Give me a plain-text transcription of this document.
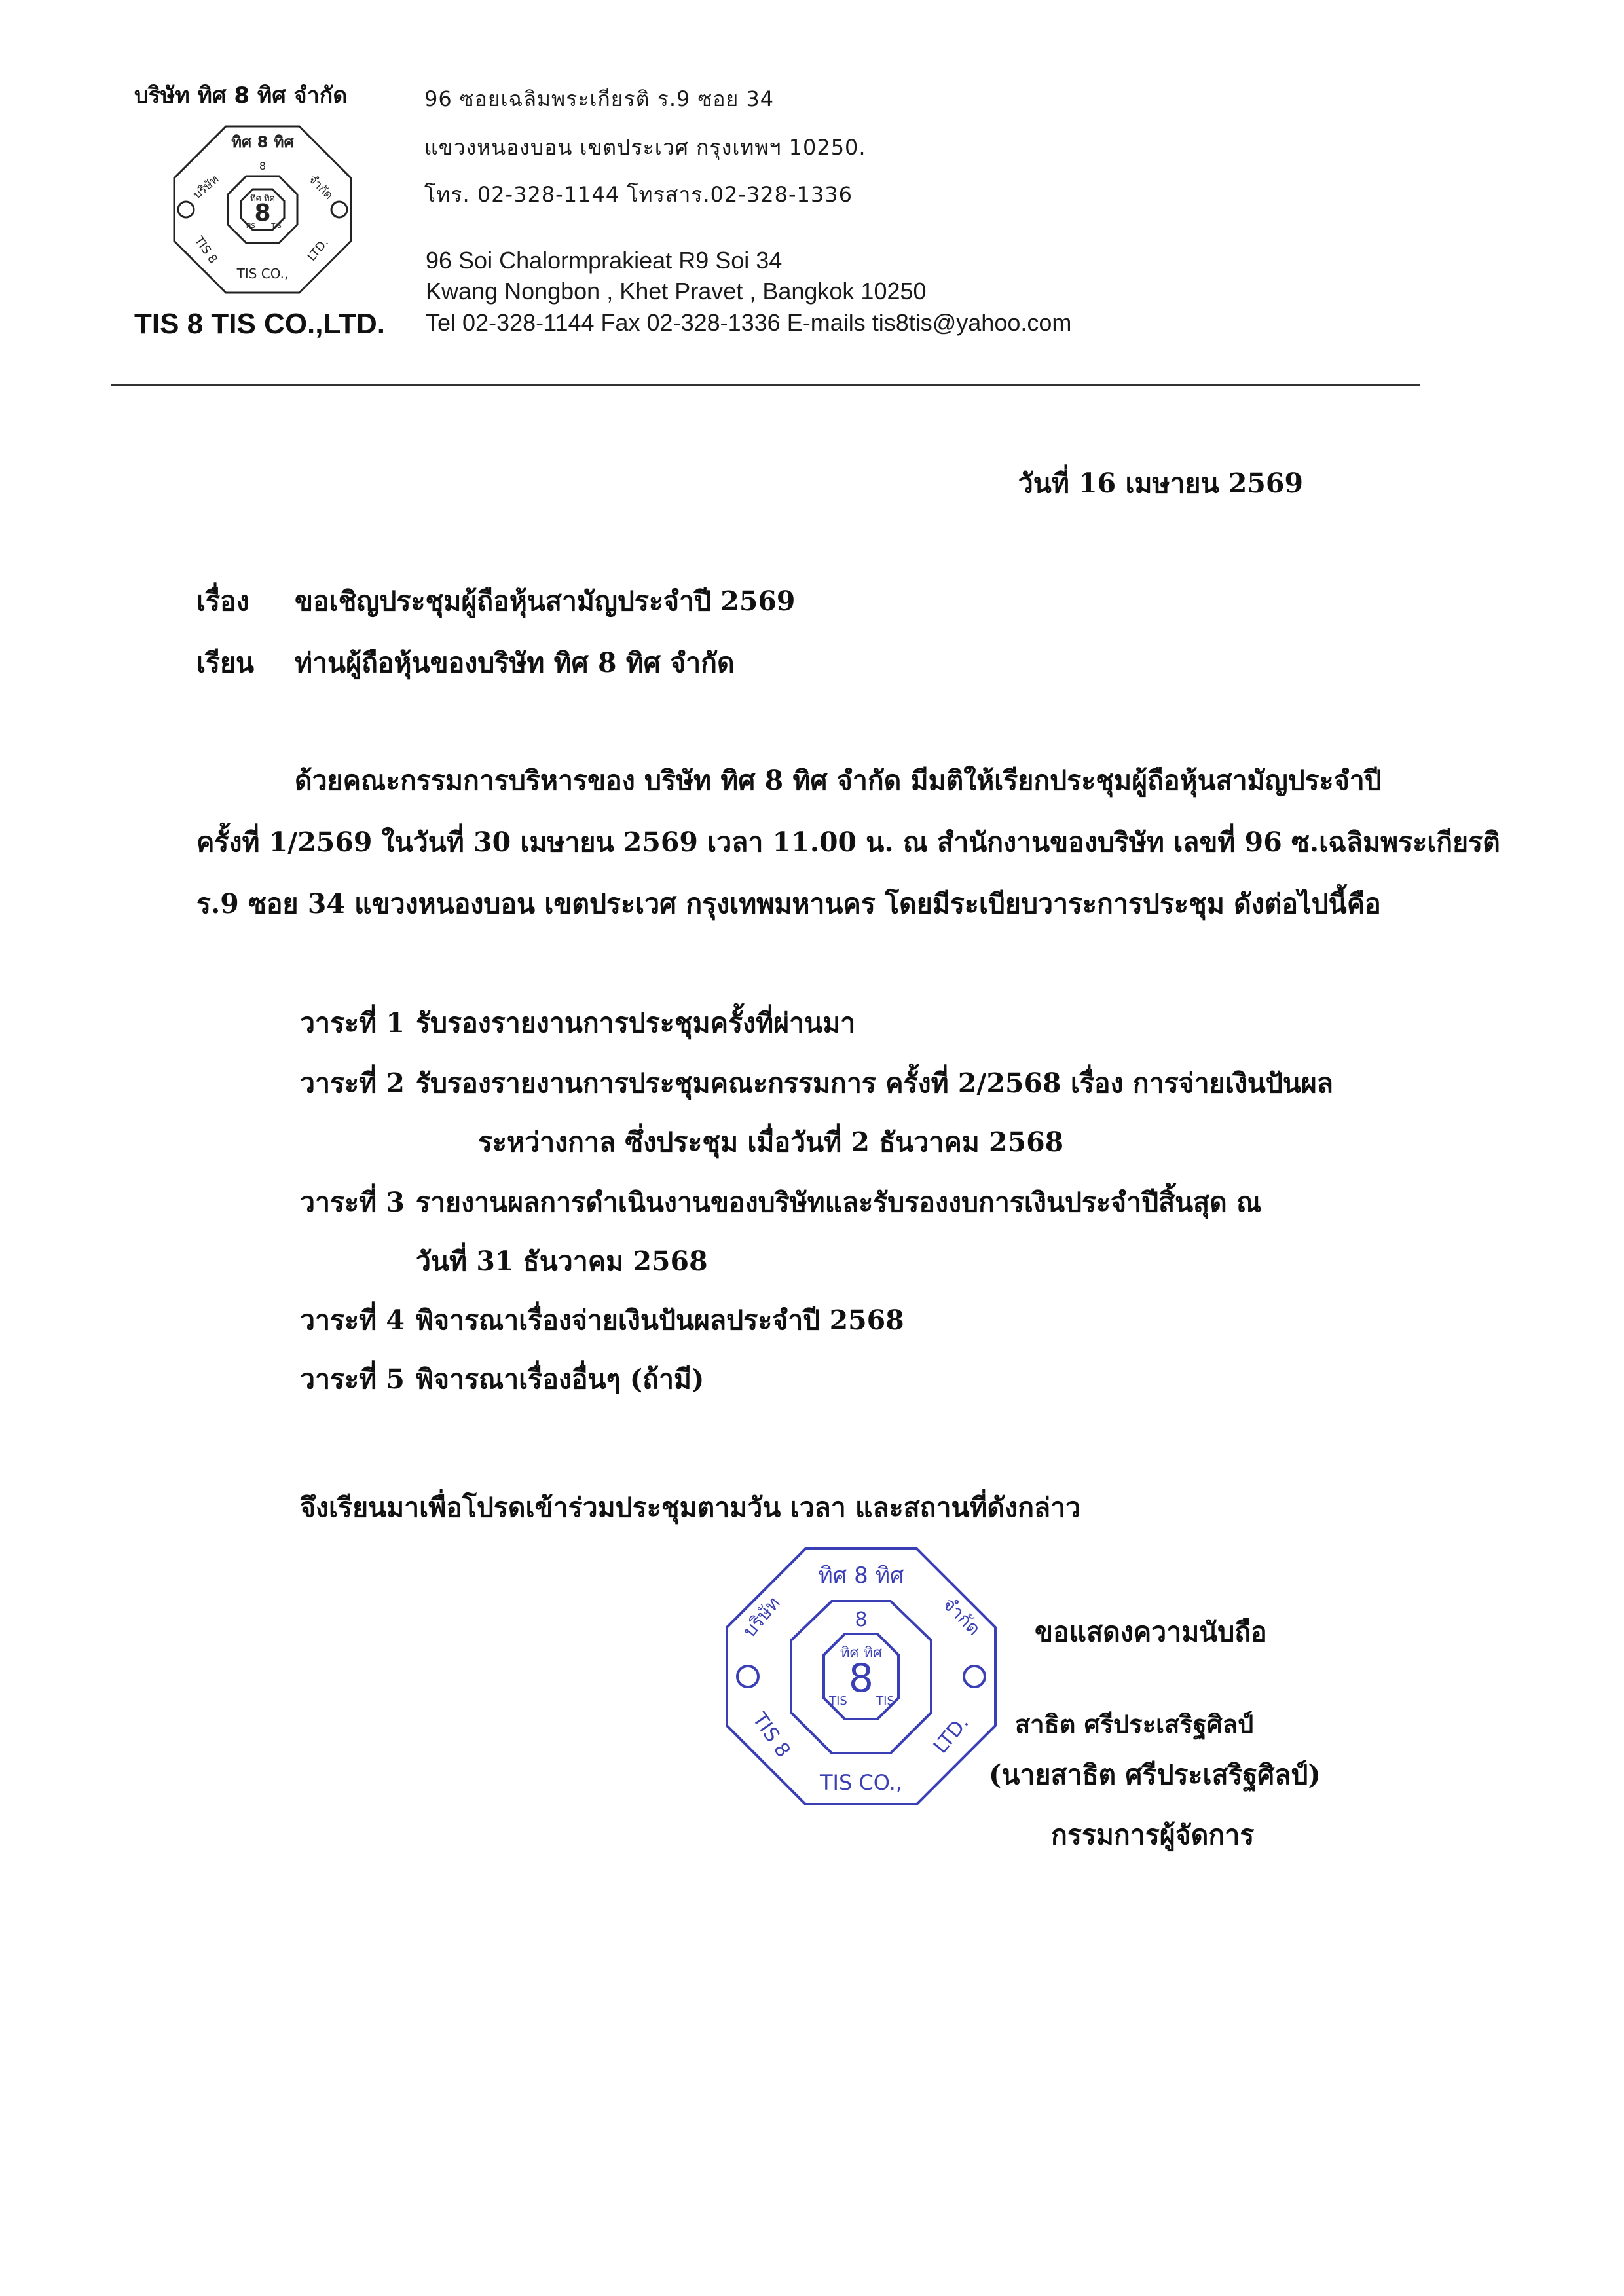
บริษัท ทิศ 8 ทิศ จำกัด
ทิศ 8 ทิศ
บริษัท	จำกัด
TIS 8	LTD.
TIS CO.,
8
ทิศ ทิศ
8
TIS TIS
TIS 8 TIS CO.,LTD.
96 ซอยเฉลิมพระเกียรติ ร.9 ซอย 34
แขวงหนองบอน เขตประเวศ กรุงเทพฯ 10250.
โทร. 02-328-1144 โทรสาร.02-328-1336
96 Soi Chalormprakieat R9 Soi 34
Kwang Nongbon , Khet Pravet , Bangkok 10250
Tel 02-328-1144 Fax 02-328-1336 E-mails tis8tis@yahoo.com
วันที่ 16 เมษายน 2569
เรื่อง ขอเชิญประชุมผู้ถือหุ้นสามัญประจำปี 2569
เรียน ท่านผู้ถือหุ้นของบริษัท ทิศ 8 ทิศ จำกัด
ด้วยคณะกรรมการบริหารของ บริษัท ทิศ 8 ทิศ จำกัด มีมติให้เรียกประชุมผู้ถือหุ้นสามัญประจำปี
ครั้งที่ 1/2569 ในวันที่ 30 เมษายน 2569 เวลา 11.00 น. ณ สำนักงานของบริษัท เลขที่ 96 ซ.เฉลิมพระเกียรติ
ร.9 ซอย 34 แขวงหนองบอน เขตประเวศ กรุงเทพมหานคร โดยมีระเบียบวาระการประชุม ดังต่อไปนี้คือ
วาระที่ 1 รับรองรายงานการประชุมครั้งที่ผ่านมา
วาระที่ 2 รับรองรายงานการประชุมคณะกรรมการ ครั้งที่ 2/2568 เรื่อง การจ่ายเงินปันผล
ระหว่างกาล ซึ่งประชุม เมื่อวันที่ 2 ธันวาคม 2568
วาระที่ 3 รายงานผลการดำเนินงานของบริษัทและรับรองงบการเงินประจำปีสิ้นสุด ณ
วันที่ 31 ธันวาคม 2568
วาระที่ 4 พิจารณาเรื่องจ่ายเงินปันผลประจำปี 2568
วาระที่ 5 พิจารณาเรื่องอื่นๆ (ถ้ามี)
จึงเรียนมาเพื่อโปรดเข้าร่วมประชุมตามวัน เวลา และสถานที่ดังกล่าว
ทิศ 8 ทิศ
บริษัท	จำกัด
TIS 8	LTD.
TIS CO.,
8
ทิศ ทิศ
8
TIS TIS
ขอแสดงความนับถือ
สาธิต ศรีประเสริฐศิลป์
(นายสาธิต ศรีประเสริฐศิลป์)
กรรมการผู้จัดการ
